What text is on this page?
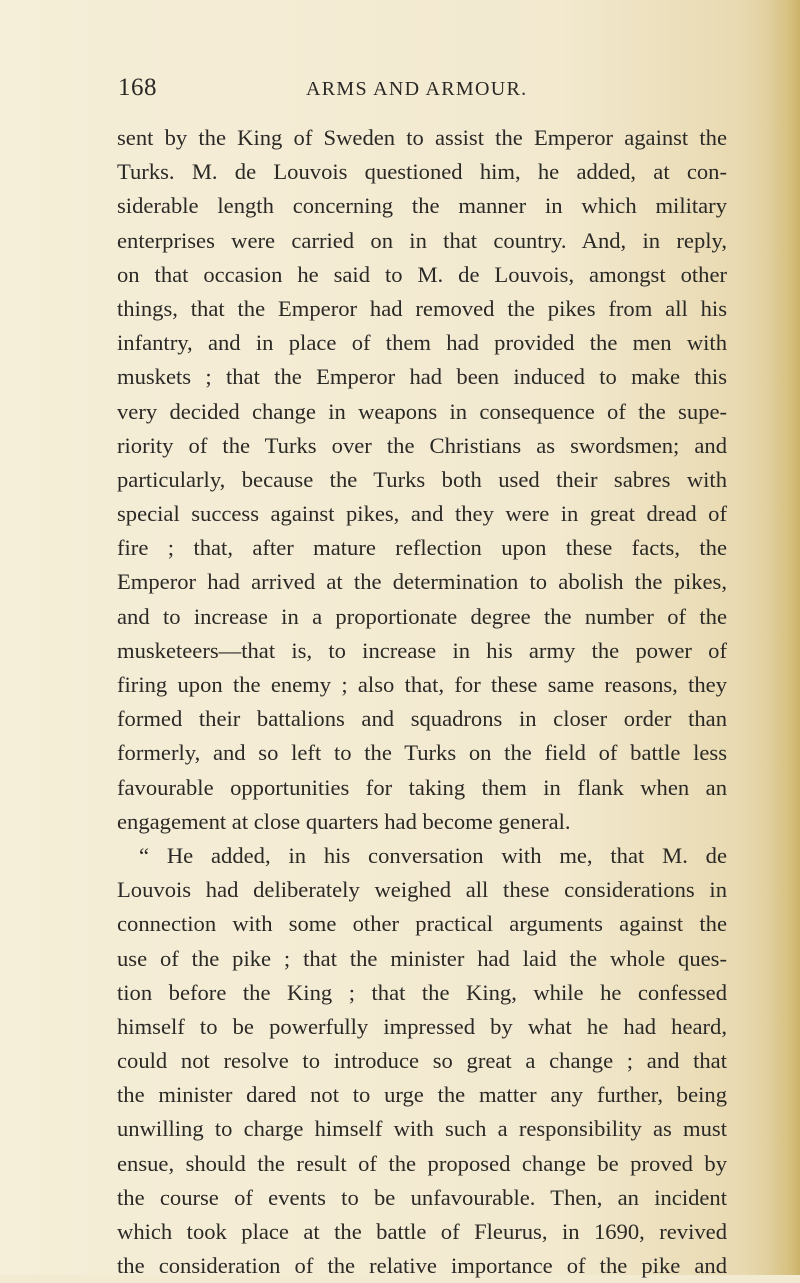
168	ARMS AND ARMOUR.
sent by the King of Sweden to assist the Emperor against the
Turks. M. de Louvois questioned him, he added, at con-
siderable length concerning the manner in which military
enterprises were carried on in that country. And, in reply,
on that occasion he said to M. de Louvois, amongst other
things, that the Emperor had removed the pikes from all his
infantry, and in place of them had provided the men with
muskets ; that the Emperor had been induced to make this
very decided change in weapons in consequence of the supe-
riority of the Turks over the Christians as swordsmen; and
particularly, because the Turks both used their sabres with
special success against pikes, and they were in great dread of
fire ; that, after mature reflection upon these facts, the
Emperor had arrived at the determination to abolish the pikes,
and to increase in a proportionate degree the number of the
musketeers—that is, to increase in his army the power of
firing upon the enemy ; also that, for these same reasons, they
formed their battalions and squadrons in closer order than
formerly, and so left to the Turks on the field of battle less
favourable opportunities for taking them in flank when an
engagement at close quarters had become general.
“ He added, in his conversation with me, that M. de
Louvois had deliberately weighed all these considerations in
connection with some other practical arguments against the
use of the pike ; that the minister had laid the whole ques-
tion before the King ; that the King, while he confessed
himself to be powerfully impressed by what he had heard,
could not resolve to introduce so great a change ; and that
the minister dared not to urge the matter any further, being
unwilling to charge himself with such a responsibility as must
ensue, should the result of the proposed change be proved by
the course of events to be unfavourable. Then, an incident
which took place at the battle of Fleurus, in 1690, revived
the consideration of the relative importance of the pike and
